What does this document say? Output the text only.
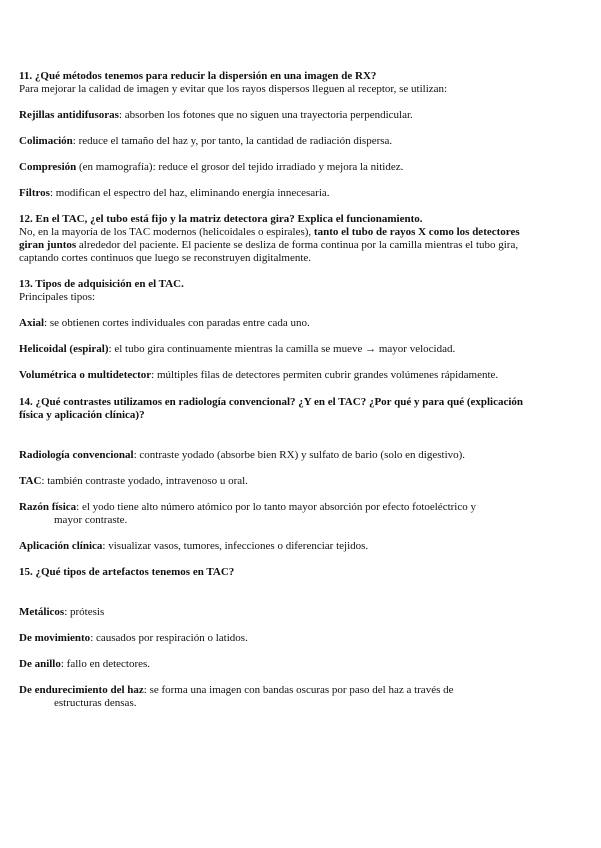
11. ¿Qué métodos tenemos para reducir la dispersión en una imagen de RX?
Para mejorar la calidad de imagen y evitar que los rayos dispersos lleguen al receptor, se utilizan:
Rejillas antidifusoras: absorben los fotones que no siguen una trayectoria perpendicular.
Colimación: reduce el tamaño del haz y, por tanto, la cantidad de radiación dispersa.
Compresión (en mamografía): reduce el grosor del tejido irradiado y mejora la nitidez.
Filtros: modifican el espectro del haz, eliminando energía innecesaria.
12. En el TAC, ¿el tubo está fijo y la matriz detectora gira? Explica el funcionamiento.
No, en la mayoría de los TAC modernos (helicoidales o espirales), tanto el tubo de rayos X como los detectores
giran juntos alrededor del paciente. El paciente se desliza de forma continua por la camilla mientras el tubo gira,
captando cortes continuos que luego se reconstruyen digitalmente.
13. Tipos de adquisición en el TAC.
Principales tipos:
Axial: se obtienen cortes individuales con paradas entre cada uno.
Helicoidal (espiral): el tubo gira continuamente mientras la camilla se mueve → mayor velocidad.
Volumétrica o multidetector: múltiples filas de detectores permiten cubrir grandes volúmenes rápidamente.
14. ¿Qué contrastes utilizamos en radiología convencional? ¿Y en el TAC? ¿Por qué y para qué (explicación
física y aplicación clínica)?
Radiología convencional: contraste yodado (absorbe bien RX) y sulfato de bario (solo en digestivo).
TAC: también contraste yodado, intravenoso u oral.
Razón física: el yodo tiene alto número atómico por lo tanto mayor absorción por efecto fotoeléctrico y
mayor contraste.
Aplicación clínica: visualizar vasos, tumores, infecciones o diferenciar tejidos.
15. ¿Qué tipos de artefactos tenemos en TAC?
Metálicos: prótesis
De movimiento: causados por respiración o latidos.
De anillo: fallo en detectores.
De endurecimiento del haz: se forma una imagen con bandas oscuras por paso del haz a través de
estructuras densas.
